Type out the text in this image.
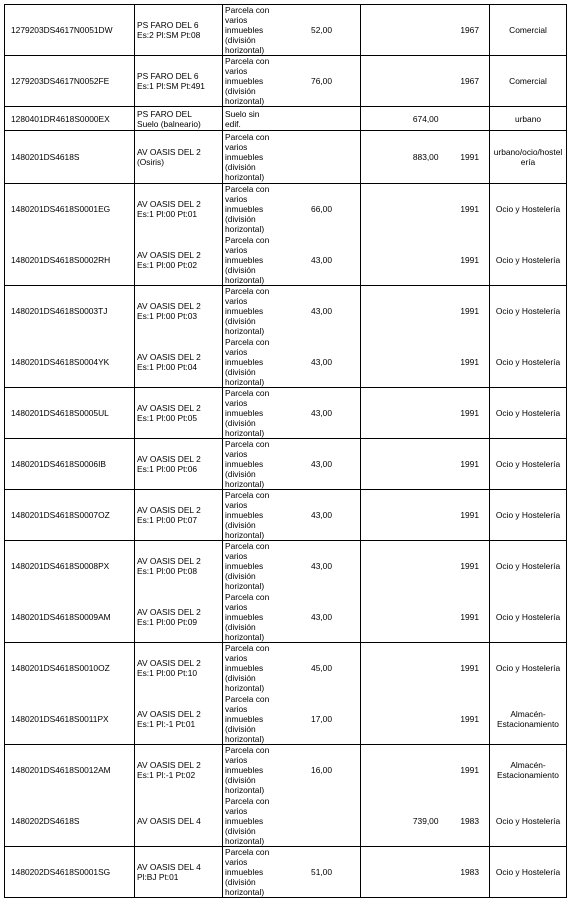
1279203DS4617N0051DW	PS FARO DEL 6
Es:2 Pl:SM Pt:08	Parcela con
varios
inmuebles
(división
horizontal)	52,00		1967	Comercial

1279203DS4617N0052FE	PS FARO DEL 6
Es:1 Pl:SM Pt:491	Parcela con
varios
inmuebles
(división
horizontal)	76,00		1967	Comercial

1280401DR4618S0000EX	PS FARO DEL
Suelo (balneario)	Suelo sin
edif.		674,00		urbano

1480201DS4618S	AV OASIS DEL 2
(Osiris)	Parcela con
varios
inmuebles
(división
horizontal)		883,00	1991	urbano/ocio/hostel
ería

1480201DS4618S0001EG	AV OASIS DEL 2
Es:1 Pl:00 Pt:01	Parcela con
varios
inmuebles
(división
horizontal)	66,00		1991	Ocio y Hostelería

1480201DS4618S0002RH	AV OASIS DEL 2
Es:1 Pl:00 Pt:02	Parcela con
varios
inmuebles
(división
horizontal)	43,00		1991	Ocio y Hostelería

1480201DS4618S0003TJ	AV OASIS DEL 2
Es:1 Pl:00 Pt:03	Parcela con
varios
inmuebles
(división
horizontal)	43,00		1991	Ocio y Hostelería

1480201DS4618S0004YK	AV OASIS DEL 2
Es:1 Pl:00 Pt:04	Parcela con
varios
inmuebles
(división
horizontal)	43,00		1991	Ocio y Hostelería

1480201DS4618S0005UL	AV OASIS DEL 2
Es:1 Pl:00 Pt:05	Parcela con
varios
inmuebles
(división
horizontal)	43,00		1991	Ocio y Hostelería

1480201DS4618S0006IB	AV OASIS DEL 2
Es:1 Pl:00 Pt:06	Parcela con
varios
inmuebles
(división
horizontal)	43,00		1991	Ocio y Hostelería

1480201DS4618S0007OZ	AV OASIS DEL 2
Es:1 Pl:00 Pt:07	Parcela con
varios
inmuebles
(división
horizontal)	43,00		1991	Ocio y Hostelería

1480201DS4618S0008PX	AV OASIS DEL 2
Es:1 Pl:00 Pt:08	Parcela con
varios
inmuebles
(división
horizontal)	43,00		1991	Ocio y Hostelería

1480201DS4618S0009AM	AV OASIS DEL 2
Es:1 Pl:00 Pt:09	Parcela con
varios
inmuebles
(división
horizontal)	43,00		1991	Ocio y Hostelería

1480201DS4618S0010OZ	AV OASIS DEL 2
Es:1 Pl:00 Pt:10	Parcela con
varios
inmuebles
(división
horizontal)	45,00		1991	Ocio y Hostelería

1480201DS4618S0011PX	AV OASIS DEL 2
Es:1 Pl:-1 Pt:01	Parcela con
varios
inmuebles
(división
horizontal)	17,00		1991	Almacén-
Estacionamiento

1480201DS4618S0012AM	AV OASIS DEL 2
Es:1 Pl:-1 Pt:02	Parcela con
varios
inmuebles
(división
horizontal)	16,00		1991	Almacén-
Estacionamiento

1480202DS4618S	AV OASIS DEL 4	Parcela con
varios
inmuebles
(división
horizontal)		739,00	1983	Ocio y Hostelería

1480202DS4618S0001SG	AV OASIS DEL 4
Pl:BJ Pt:01	Parcela con
varios
inmuebles
(división
horizontal)	51,00		1983	Ocio y Hostelería
